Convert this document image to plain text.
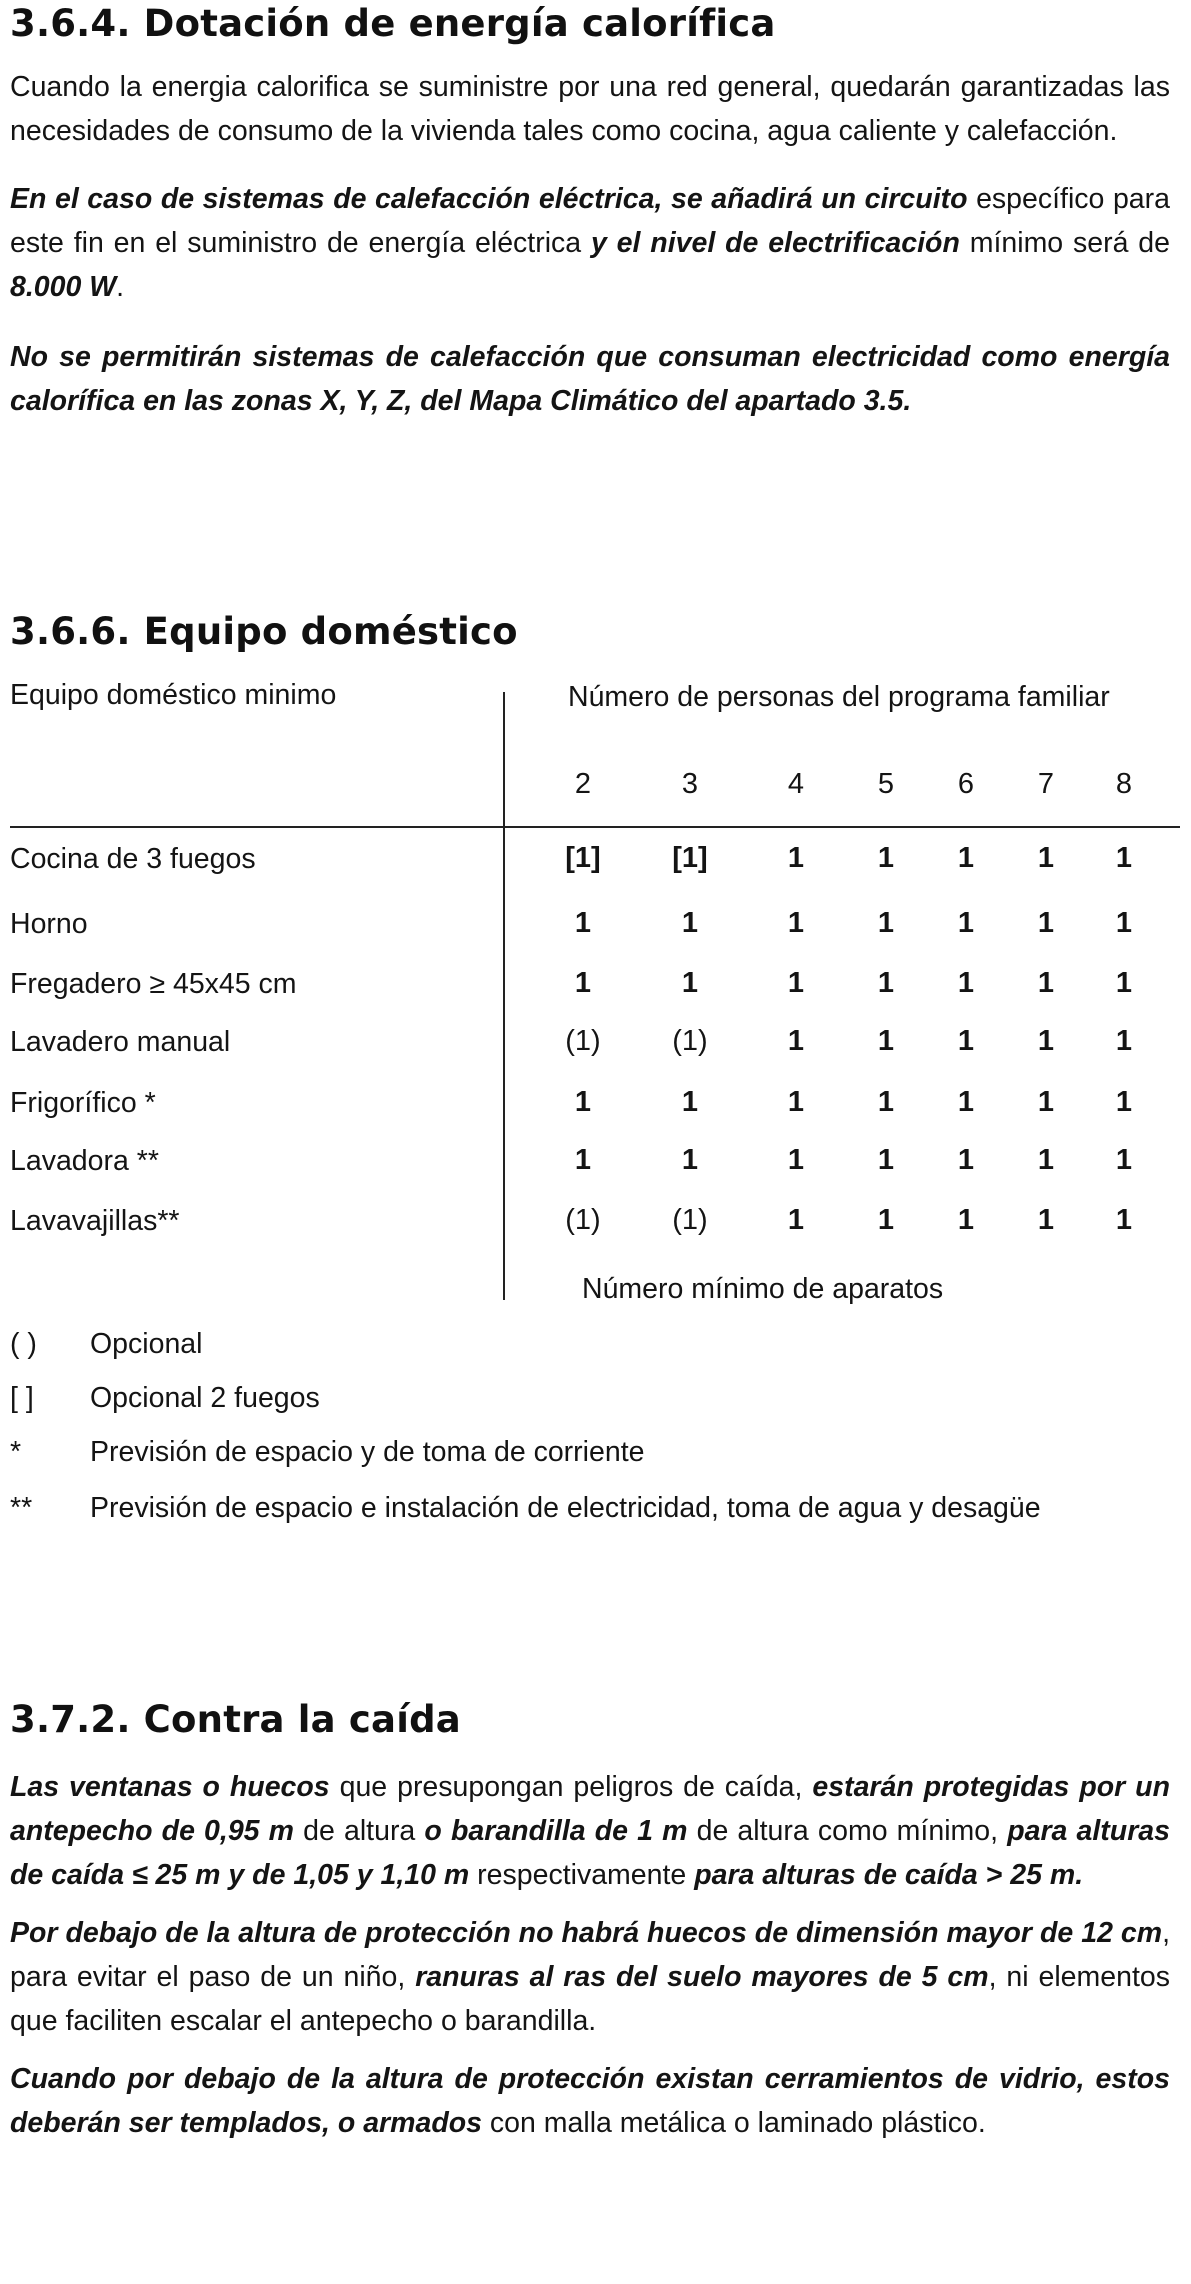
3.6.4. Dotación de energía calorífica

Cuando la energia calorifica se suministre por una red general, quedarán garantizadas las necesidades de consumo de la vivienda tales como cocina, agua caliente y calefacción.

En el caso de sistemas de calefacción eléctrica, se añadirá un circuito específico para este fin en el suministro de energía eléctrica y el nivel de electrificación mínimo será de 8.000 W.

No se permitirán sistemas de calefacción que consuman electricidad como energía calorífica en las zonas X, Y, Z, del Mapa Climático del apartado 3.5.

3.6.6. Equipo doméstico
Equipo doméstico minimo	Número de personas del programa familiar
2	3	4	5	6	7	8
Cocina de 3 fuegos	[1]	[1]	1	1	1	1	1
Horno	1	1	1	1	1	1	1
Fregadero ≥ 45x45 cm	1	1	1	1	1	1	1
Lavadero manual	(1)	(1)	1	1	1	1	1
Frigorífico *	1	1	1	1	1	1	1
Lavadora **	1	1	1	1	1	1	1
Lavavajillas**	(1)	(1)	1	1	1	1	1
Número mínimo de aparatos
( )	Opcional
[ ]	Opcional 2 fuegos
*	Previsión de espacio y de toma de corriente
**	Previsión de espacio e instalación de electricidad, toma de agua y desagüe
3.7.2. Contra la caída

Las ventanas o huecos que presupongan peligros de caída, estarán protegidas por un antepecho de 0,95 m de altura o barandilla de 1 m de altura como mínimo, para alturas de caída ≤ 25 m y de 1,05 y 1,10 m respectivamente para alturas de caída > 25 m.

Por debajo de la altura de protección no habrá huecos de dimensión mayor de 12 cm, para evitar el paso de un niño, ranuras al ras del suelo mayores de 5 cm, ni elementos que faciliten escalar el antepecho o barandilla.

Cuando por debajo de la altura de protección existan cerramientos de vidrio, estos deberán ser templados, o armados con malla metálica o laminado plástico.
